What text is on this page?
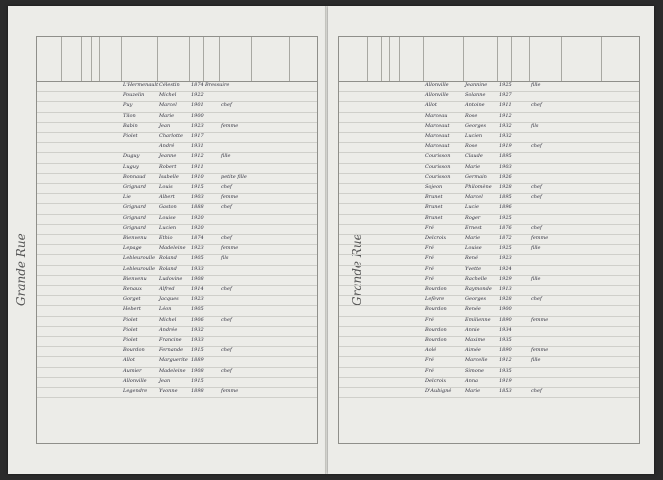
Grande Rue
L'Hermenault Célestin	1874 Bressuire
Pouzelin	Michel	1922
Puy	Marcel	1901	chef
Tilon	Marie	1900
Babin	Jean	1923	femme
Piolet	Charlotte	1917
André	1931
Duguy	Jeanne	1912	fille
Luguy	Robert	1911
Bonnaud	Isabelle	1910	petite fille
Grignard	Louis	1915	chef
Lie	Albert	1903	femme
Grignard	Gaston	1888	chef
Grignard	Louise	1920
Grignard	Lucien	1920
Bienvenu	Ethio	1874	chef
Lepage	Madeleine	1923	femme
Lebleuroulle Roland	1905	fils
Lebleuroulle Roland	1933
Bienvenu	Ludovine	1908
Renaux	Alfred	1914	chef
Gorget	Jacques	1923
Hebert	Léon	1905
Piolet	Michel	1906	chef
Piolet	Andrée	1932
Piolet	Francine	1933
Bourdon	Fernande	1915	chef
Allot	Marguerite 1889
Aumier	Madeleine	1908	chef
Allonville	Jean	1915
Legendre	Yvonne	1898	femme
Grande Rue
Allonville	Jeannine	1925	fille
Allonville	Solanne	1927
Allot	Antoine	1911	chef
Marceau	Rose	1912
Marceaut	Georges	1932	fils
Marceaut	Lucien	1932
Marceaut	Rose	1919	chef
Courisson	Claude	1895
Courisson	Marie	1903
Courisson	Germain	1926
Sojeon	Philomène	1928	chef
Brunet	Marcel	1895	chef
Brunet	Lucie	1896
Brunet	Roger	1925
Fré	Ernest	1876	chef
Delcroix	Marie	1872	femme
Fré	Louise	1925	fille
Fré	René	1923
Fré	Yvette	1924
Fré	Rachelle	1929	fille
Bourdon	Raymonde	1913
Lefèvre	Georges	1928	chef
Bourdon	Renée	1900
Fré	Emilienne	1890	femme
Bourdon	Annie	1934
Bourdon	Maxime	1935
Aolé	Aimée	1890	femme
Fré	Marcelle	1912	fille
Fré	Simone	1935
Delcroix	Anna	1919
D'Aubigné	Marie	1853	chef
